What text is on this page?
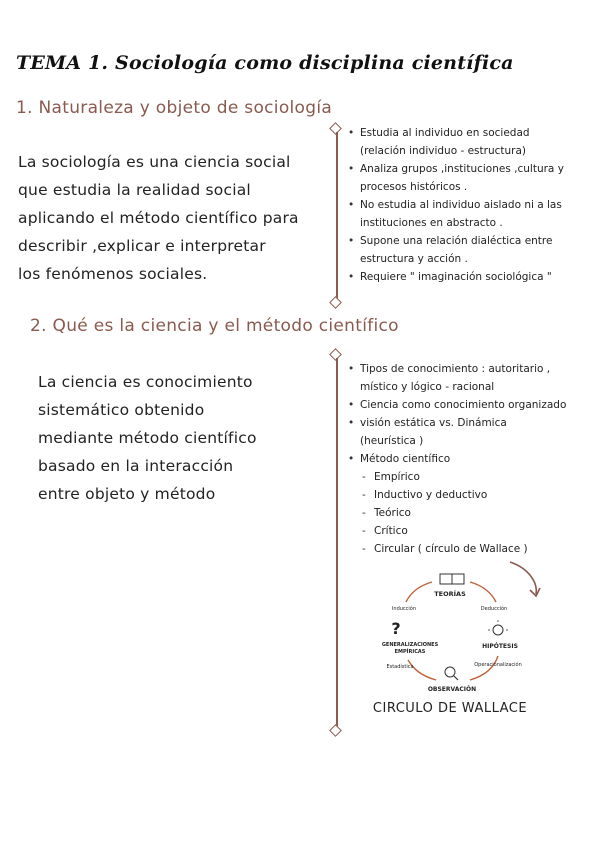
TEMA 1. Sociología como disciplina científica
1. Naturaleza y objeto de sociología
La sociología es una ciencia social
que estudia la realidad social
aplicando el método científico para
describir ,explicar e interpretar
los fenómenos sociales.
• Estudia al individuo en sociedad
(relación individuo - estructura)
• Analiza grupos ,instituciones ,cultura y
procesos históricos .
• No estudia al individuo aislado ni a las
instituciones en abstracto .
• Supone una relación dialéctica entre
estructura y acción .
• Requiere " imaginación sociológica "
2. Qué es la ciencia y el método científico
La ciencia es conocimiento
sistemático obtenido
mediante método científico
basado en la interacción
entre objeto y método
• Tipos de conocimiento : autoritario ,
místico y lógico - racional
• Ciencia como conocimiento organizado
• visión estática vs. Dinámica
(heurística )
• Método científico
- Empírico
- Inductivo y deductivo
- Teórico
- Crítico
- Circular ( círculo de Wallace )
TEORÍAS
Inducción	Deducción
?
GENERALIZACIONES
EMPÍRICAS
HIPÓTESIS
Estadística	Operacionalización
OBSERVACIÓN
CIRCULO DE WALLACE
